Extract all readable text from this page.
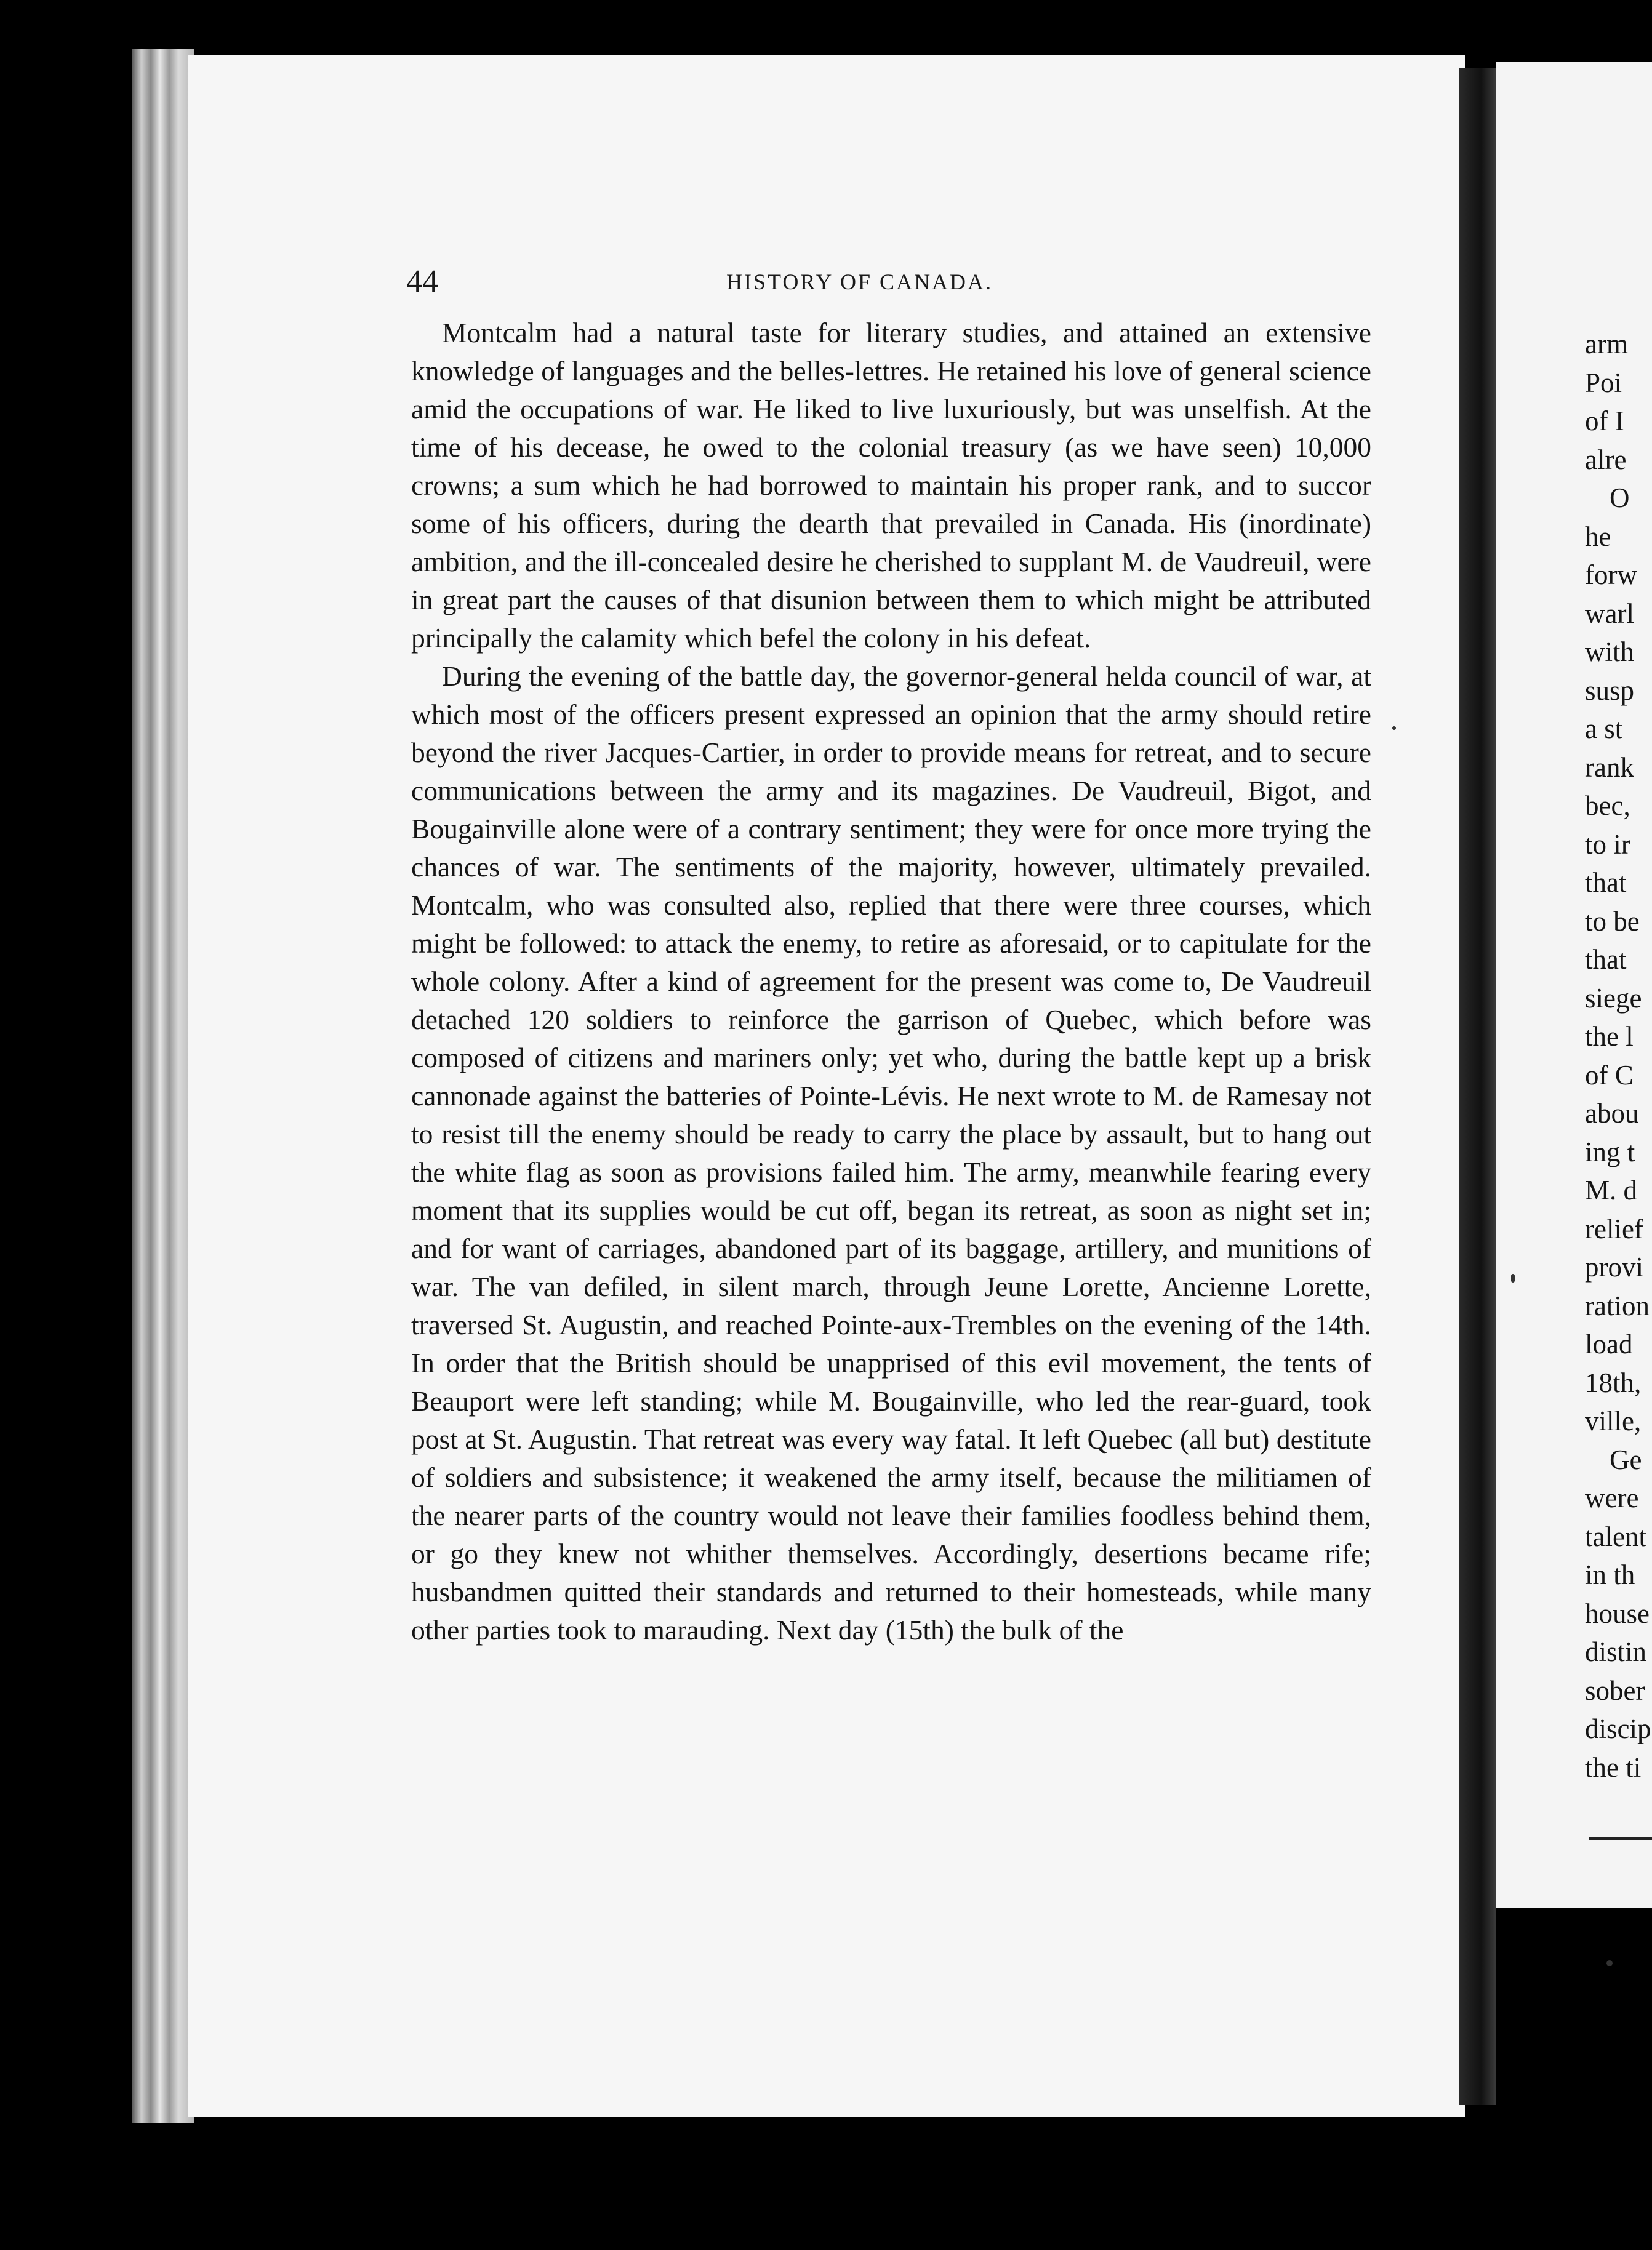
44	HISTORY OF CANADA.

Montcalm had a natural taste for literary studies, and attained an extensive knowledge of languages and the belles-lettres. He retained his love of general science amid the occupations of war. He liked to live luxuriously, but was unselfish. At the time of his decease, he owed to the colonial treasury (as we have seen) 10,000 crowns; a sum which he had borrowed to maintain his proper rank, and to succor some of his officers, during the dearth that prevailed in Canada. His (inordinate) ambition, and the ill-concealed desire he cherished to supplant M. de Vaudreuil, were in great part the causes of that disunion between them to which might be attributed principally the calamity which befel the colony in his defeat.

During the evening of the battle day, the governor-general helda council of war, at which most of the officers present expressed an opinion that the army should retire beyond the river Jacques-Cartier, in order to provide means for retreat, and to secure communications between the army and its magazines. De Vaudreuil, Bigot, and Bougainville alone were of a contrary sentiment; they were for once more trying the chances of war. The sentiments of the majority, however, ultimately prevailed. Montcalm, who was consulted also, replied that there were three courses, which might be followed: to attack the enemy, to retire as aforesaid, or to capitulate for the whole colony. After a kind of agreement for the present was come to, De Vaudreuil detached 120 soldiers to reinforce the garrison of Quebec, which before was composed of citizens and mariners only; yet who, during the battle kept up a brisk cannonade against the batteries of Pointe-Lévis. He next wrote to M. de Ramesay not to resist till the enemy should be ready to carry the place by assault, but to hang out the white flag as soon as provisions failed him. The army, meanwhile fearing every moment that its supplies would be cut off, began its retreat, as soon as night set in; and for want of carriages, abandoned part of its baggage, artillery, and munitions of war. The van defiled, in silent march, through Jeune Lorette, Ancienne Lorette, traversed St. Augustin, and reached Pointe-aux-Trembles on the evening of the 14th. In order that the British should be unapprised of this evil movement, the tents of Beauport were left standing; while M. Bougainville, who led the rear-guard, took post at St. Augustin. That retreat was every way fatal. It left Quebec (all but) destitute of soldiers and subsistence; it weakened the army itself, because the militiamen of the nearer parts of the country would not leave their families foodless behind them, or go they knew not whither themselves. Accordingly, desertions became rife; husbandmen quitted their standards and returned to their homesteads, while many other parties took to marauding. Next day (15th) the bulk of the

arm
Poi
of I
alre
O
he
forw
warl
with
susp
a st
rank
bec,
to ir
that
to be
that
siege
the l
of C
abou
ing t
M. d
relief
provi
ration
load
18th,
ville,
Ge
were
talent
in th
house
distin
sober
discip
the ti
